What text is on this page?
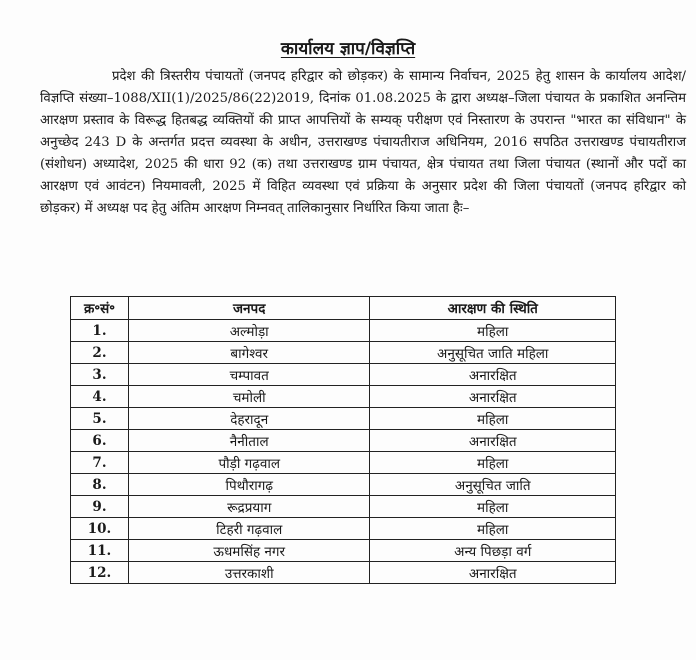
कार्यालय ज्ञाप/विज्ञप्ति

प्रदेश की त्रिस्तरीय पंचायतों (जनपद हरिद्वार को छोड़कर) के सामान्य निर्वाचन, 2025 हेतु शासन के कार्यालय आदेश/विज्ञप्ति संख्या–1088/XII(1)/2025/86(22)2019, दिनांक 01.08.2025 के द्वारा अध्यक्ष–जिला पंचायत के प्रकाशित अनन्तिम आरक्षण प्रस्ताव के विरूद्ध हितबद्ध व्यक्तियों की प्राप्त आपत्तियों के सम्यक् परीक्षण एवं निस्तारण के उपरान्त "भारत का संविधान" के अनुच्छेद 243 D के अन्तर्गत प्रदत्त व्यवस्था के अधीन, उत्तराखण्ड पंचायतीराज अधिनियम, 2016 सपठित उत्तराखण्ड पंचायतीराज (संशोधन) अध्यादेश, 2025 की धारा 92 (क) तथा उत्तराखण्ड ग्राम पंचायत, क्षेत्र पंचायत तथा जिला पंचायत (स्थानों और पदों का आरक्षण एवं आवंटन) नियमावली, 2025 में विहित व्यवस्था एवं प्रक्रिया के अनुसार प्रदेश की जिला पंचायतों (जनपद हरिद्वार को छोड़कर) में अध्यक्ष पद हेतु अंतिम आरक्षण निम्नवत् तालिकानुसार निर्धारित किया जाता हैः–

क्र॰सं॰	जनपद	आरक्षण की स्थिति
1.	अल्मोड़ा	महिला
2.	बागेश्वर	अनुसूचित जाति महिला
3.	चम्पावत	अनारक्षित
4.	चमोली	अनारक्षित
5.	देहरादून	महिला
6.	नैनीताल	अनारक्षित
7.	पौड़ी गढ़वाल	महिला
8.	पिथौरागढ़	अनुसूचित जाति
9.	रूद्रप्रयाग	महिला
10.	टिहरी गढ़वाल	महिला
11.	ऊधमसिंह नगर	अन्य पिछड़ा वर्ग
12.	उत्तरकाशी	अनारक्षित
